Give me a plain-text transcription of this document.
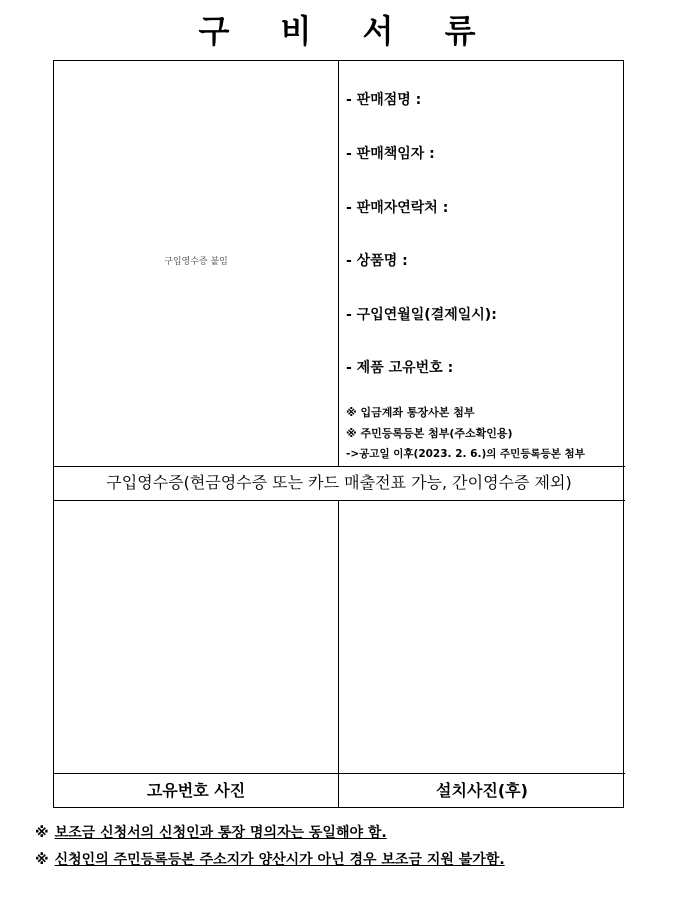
구 비 서 류
구입영수증 붙임
- 판매점명 :
- 판매책임자 :
- 판매자연락처 :
- 상품명 :
- 구입연월일(결제일시):
- 제품 고유번호 :
※ 입금계좌 통장사본 첨부
※ 주민등록등본 첨부(주소확인용)
->공고일 이후(2023. 2. 6.)의 주민등록등본 첨부
구입영수증(현금영수증 또는 카드 매출전표 가능, 간이영수증 제외)
고유번호 사진	설치사진(후)
※ 보조금 신청서의 신청인과 통장 명의자는 동일해야 함.
※ 신청인의 주민등록등본 주소지가 양산시가 아닌 경우 보조금 지원 불가함.
